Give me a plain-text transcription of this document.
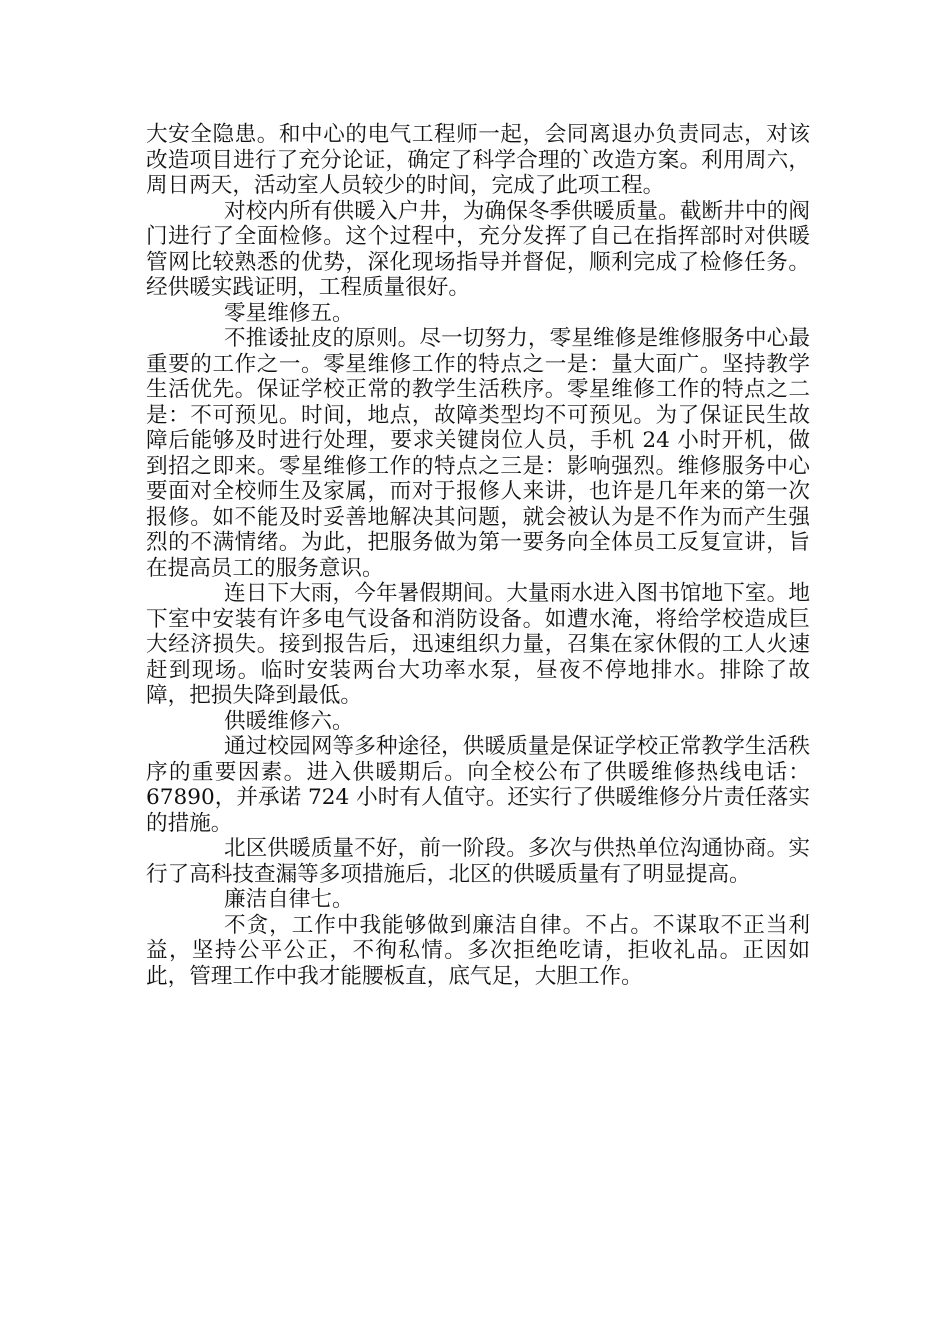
大安全隐患。和中心的电气工程师一起，会同离退办负责同志，对该改造项目进行了充分论证，确定了科学合理的`改造方案。利用周六，周日两天，活动室人员较少的时间，完成了此项工程。

对校内所有供暖入户井，为确保冬季供暖质量。截断井中的阀门进行了全面检修。这个过程中，充分发挥了自己在指挥部时对供暖管网比较熟悉的优势，深化现场指导并督促，顺利完成了检修任务。经供暖实践证明，工程质量很好。

零星维修五。

不推诿扯皮的原则。尽一切努力，零星维修是维修服务中心最重要的工作之一。零星维修工作的特点之一是：量大面广。坚持教学生活优先。保证学校正常的教学生活秩序。零星维修工作的特点之二是：不可预见。时间，地点，故障类型均不可预见。为了保证民生故障后能够及时进行处理，要求关键岗位人员，手机 24 小时开机，做到招之即来。零星维修工作的特点之三是：影响强烈。维修服务中心要面对全校师生及家属，而对于报修人来讲，也许是几年来的第一次报修。如不能及时妥善地解决其问题，就会被认为是不作为而产生强烈的不满情绪。为此，把服务做为第一要务向全体员工反复宣讲，旨在提高员工的服务意识。

连日下大雨，今年暑假期间。大量雨水进入图书馆地下室。地下室中安装有许多电气设备和消防设备。如遭水淹，将给学校造成巨大经济损失。接到报告后，迅速组织力量，召集在家休假的工人火速赶到现场。临时安装两台大功率水泵，昼夜不停地排水。排除了故障，把损失降到最低。

供暖维修六。

通过校园网等多种途径，供暖质量是保证学校正常教学生活秩序的重要因素。进入供暖期后。向全校公布了供暖维修热线电话：67890，并承诺 724 小时有人值守。还实行了供暖维修分片责任落实的措施。

北区供暖质量不好，前一阶段。多次与供热单位沟通协商。实行了高科技查漏等多项措施后，北区的供暖质量有了明显提高。

廉洁自律七。

不贪，工作中我能够做到廉洁自律。不占。不谋取不正当利益，坚持公平公正，不徇私情。多次拒绝吃请，拒收礼品。正因如此，管理工作中我才能腰板直，底气足，大胆工作。
